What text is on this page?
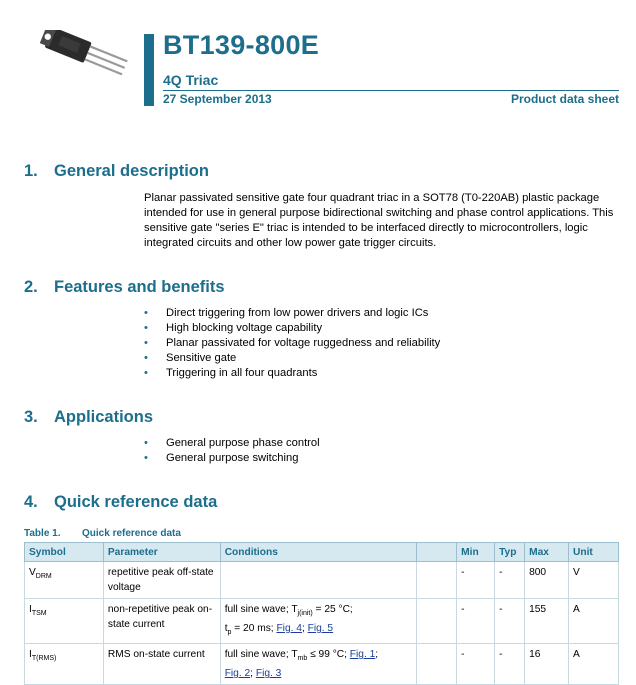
BT139-800E
4Q Triac
27 September 2013	Product data sheet
1. General description
Planar passivated sensitive gate four quadrant triac in a SOT78 (T0-220AB) plastic package intended for use in general purpose bidirectional switching and phase control applications. This sensitive gate "series E" triac is intended to be interfaced directly to microcontrollers, logic integrated circuits and other low power gate trigger circuits.
2. Features and benefits
• Direct triggering from low power drivers and logic ICs
• High blocking voltage capability
• Planar passivated for voltage ruggedness and reliability
• Sensitive gate
• Triggering in all four quadrants
3. Applications
• General purpose phase control
• General purpose switching
4. Quick reference data
Table 1. Quick reference data
Symbol	Parameter	Conditions		Min	Typ	Max	Unit
$V_{DRM}$	repetitive peak off-state voltage			-	-	800	V
$I_{TSM}$	non-repetitive peak on-state current	full sine wave; $T_{j(init)} = 25$ °C;
$t_p = 20$ ms; Fig. 4; Fig. 5		-	-	155	A
$I_{T(RMS)}$	RMS on-state current	full sine wave; $T_{mb} \le 99$ °C; Fig. 1;
Fig. 2; Fig. 3		-	-	16	A
